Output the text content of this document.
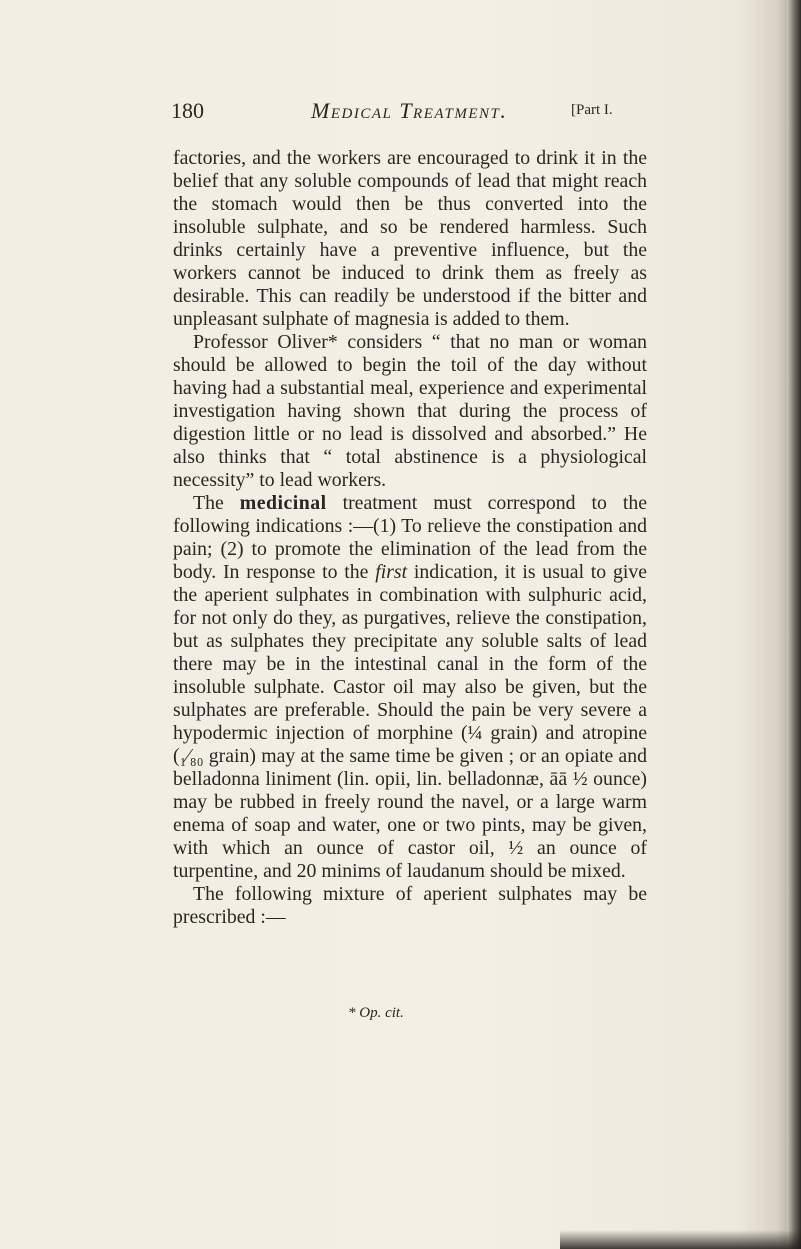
180	Medical Treatment.	[Part I.

factories, and the workers are encouraged to drink it in the belief that any soluble compounds of lead that might reach the stomach would then be thus converted into the insoluble sulphate, and so be rendered harmless. Such drinks certainly have a preventive influence, but the workers cannot be induced to drink them as freely as desirable. This can readily be understood if the bitter and unpleasant sulphate of magnesia is added to them.

Professor Oliver* considers “ that no man or woman should be allowed to begin the toil of the day without having had a substantial meal, experience and experimental investigation having shown that during the process of digestion little or no lead is dissolved and absorbed.” He also thinks that “ total abstinence is a physiological necessity” to lead workers.

The medicinal treatment must correspond to the following indications :—(1) To relieve the constipation and pain; (2) to promote the elimination of the lead from the body. In response to the first indication, it is usual to give the aperient sulphates in combination with sulphuric acid, for not only do they, as purgatives, relieve the constipation, but as sulphates they precipitate any soluble salts of lead there may be in the intestinal canal in the form of the insoluble sulphate. Castor oil may also be given, but the sulphates are preferable. Should the pain be very severe a hypodermic injection of morphine (¼ grain) and atropine (₁⁄₈₀ grain) may at the same time be given ; or an opiate and belladonna liniment (lin. opii, lin. belladonnæ, āā ½ ounce) may be rubbed in freely round the navel, or a large warm enema of soap and water, one or two pints, may be given, with which an ounce of castor oil, ½ an ounce of turpentine, and 20 minims of laudanum should be mixed.

The following mixture of aperient sulphates may be prescribed :—

* Op. cit.
